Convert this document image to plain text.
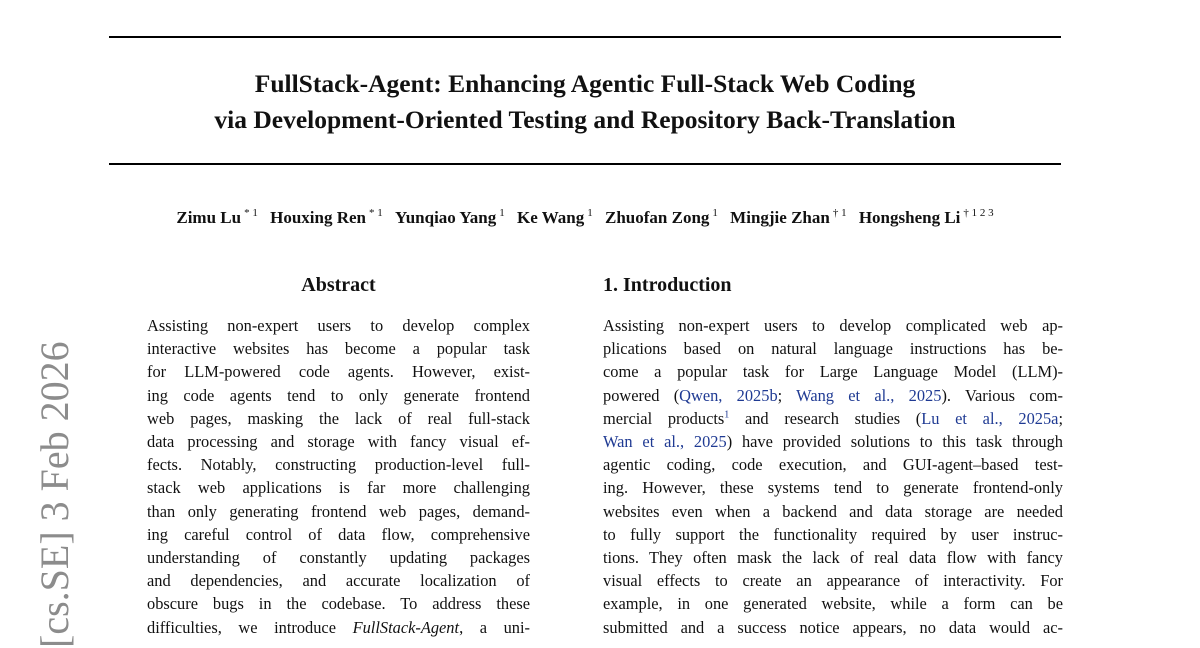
FullStack-Agent: Enhancing Agentic Full-Stack Web Coding
via Development-Oriented Testing and Repository Back-Translation
Zimu Lu $^{* 1}$ Houxing Ren $^{* 1}$ Yunqiao Yang $^1$ Ke Wang $^1$ Zhuofan Zong $^1$ Mingjie Zhan $^{\dagger 1}$ Hongsheng Li $^{\dagger 1 2 3}$
[cs.SE] 3 Feb 2026
Abstract
Assisting non-expert users to develop complex
interactive websites has become a popular task
for LLM-powered code agents. However, exist-
ing code agents tend to only generate frontend
web pages, masking the lack of real full-stack
data processing and storage with fancy visual ef-
fects. Notably, constructing production-level full-
stack web applications is far more challenging
than only generating frontend web pages, demand-
ing careful control of data flow, comprehensive
understanding of constantly updating packages
and dependencies, and accurate localization of
obscure bugs in the codebase. To address these
difficulties, we introduce FullStack-Agent, a uni-
1. Introduction
Assisting non-expert users to develop complicated web ap-
plications based on natural language instructions has be-
come a popular task for Large Language Model (LLM)-
powered (Qwen, 2025b; Wang et al., 2025). Various com-
mercial products$^1$ and research studies (Lu et al., 2025a;
Wan et al., 2025) have provided solutions to this task through
agentic coding, code execution, and GUI-agent–based test-
ing. However, these systems tend to generate frontend-only
websites even when a backend and data storage are needed
to fully support the functionality required by user instruc-
tions. They often mask the lack of real data flow with fancy
visual effects to create an appearance of interactivity. For
example, in one generated website, while a form can be
submitted and a success notice appears, no data would ac-
